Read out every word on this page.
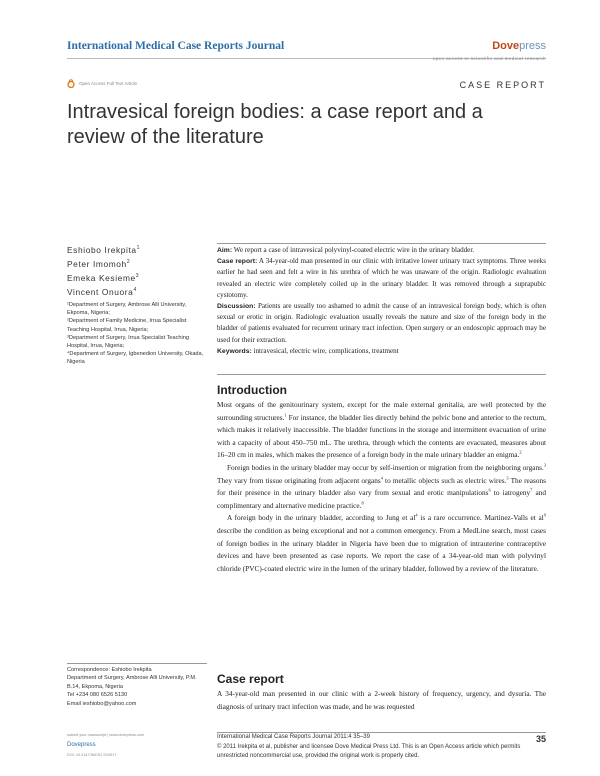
International Medical Case Reports Journal	Dovepress
open access to scientific and medical research
Open Access Full Text Article	CASE REPORT
Intravesical foreign bodies: a case report and a review of the literature
Eshiobo Irekpita$^1$
Peter Imomoh$^2$
Emeka Kesieme$^3$
Vincent Onuora$^4$
¹Department of Surgery, Ambrose Alli University, Ekpoma, Nigeria;
²Department of Family Medicine, Irrua Specialist Teaching Hospital, Irrua, Nigeria;
³Department of Surgery, Irrua Specialist Teaching Hospital, Irrua, Nigeria;
⁴Department of Surgery, Igbenedion University, Okada, Nigeria
Correspondence: Eshiobo Irekpita
Department of Surgery, Ambrose Alli University, P.M. B.14, Ekpoma, Nigeria
Tel +234 080 6526 5130
Email ieshiobo@yahoo.com

Aim: We report a case of intravesical polyvinyl-coated electric wire in the urinary bladder.

Case report: A 34-year-old man presented in our clinic with irritative lower urinary tract symptoms. Three weeks earlier he had seen and felt a wire in his urethra of which he was unaware of the origin. Radiologic evaluation revealed an electric wire completely coiled up in the urinary bladder. It was removed through a suprapubic cystotomy.

Discussion: Patients are usually too ashamed to admit the cause of an intravesical foreign body, which is often sexual or erotic in origin. Radiologic evaluation usually reveals the nature and size of the foreign body in the bladder of patients evaluated for recurrent urinary tract infection. Open surgery or an endoscopic approach may be used for their extraction.

Keywords: intravesical, electric wire, complications, treatment

Introduction

Most organs of the genitourinary system, except for the male external genitalia, are well protected by the surrounding structures.$^1$ For instance, the bladder lies directly behind the pelvic bone and anterior to the rectum, which makes it relatively inaccessible. The bladder functions in the storage and intermittent evacuation of urine with a capacity of about 450–750 mL. The urethra, through which the contents are evacuated, measures about 16–20 cm in males, which makes the presence of a foreign body in the male urinary bladder an enigma.$^2$

Foreign bodies in the urinary bladder may occur by self-insertion or migration from the neighboring organs.$^3$ They vary from tissue originating from adjacent organs$^4$ to metallic objects such as electric wires.$^3$ The reasons for their presence in the urinary bladder also vary from sexual and erotic manipulations$^6$ to iatrogeny$^7$ and complimentary and alternative medicine practice.$^8$

A foreign body in the urinary bladder, according to Jung et $al^4$ is a rare occurrence. Martinez-Valls et $al^9$ describe the condition as being exceptional and not a common emergency. From a MedLine search, most cases of foreign bodies in the urinary bladder in Nigeria have been due to migration of intrauterine contraceptive devices and have been presented as case reports. We report the case of a 34-year-old man with polyvinyl chloride (PVC)-coated electric wire in the lumen of the urinary bladder, followed by a review of the literature.

Case report

A 34-year-old man presented in our clinic with a 2-week history of frequency, urgency, and dysuria. The diagnosis of urinary tract infection was made, and he was requested

submit your manuscript | www.dovepress.com
Dovepress
DOI: 10.2147/IMCRJ.S19317
International Medical Case Reports Journal 2011:4 35–39	35
© 2011 Irekpita et al, publisher and licensee Dove Medical Press Ltd. This is an Open Access article which permits unrestricted noncommercial use, provided the original work is properly cited.
